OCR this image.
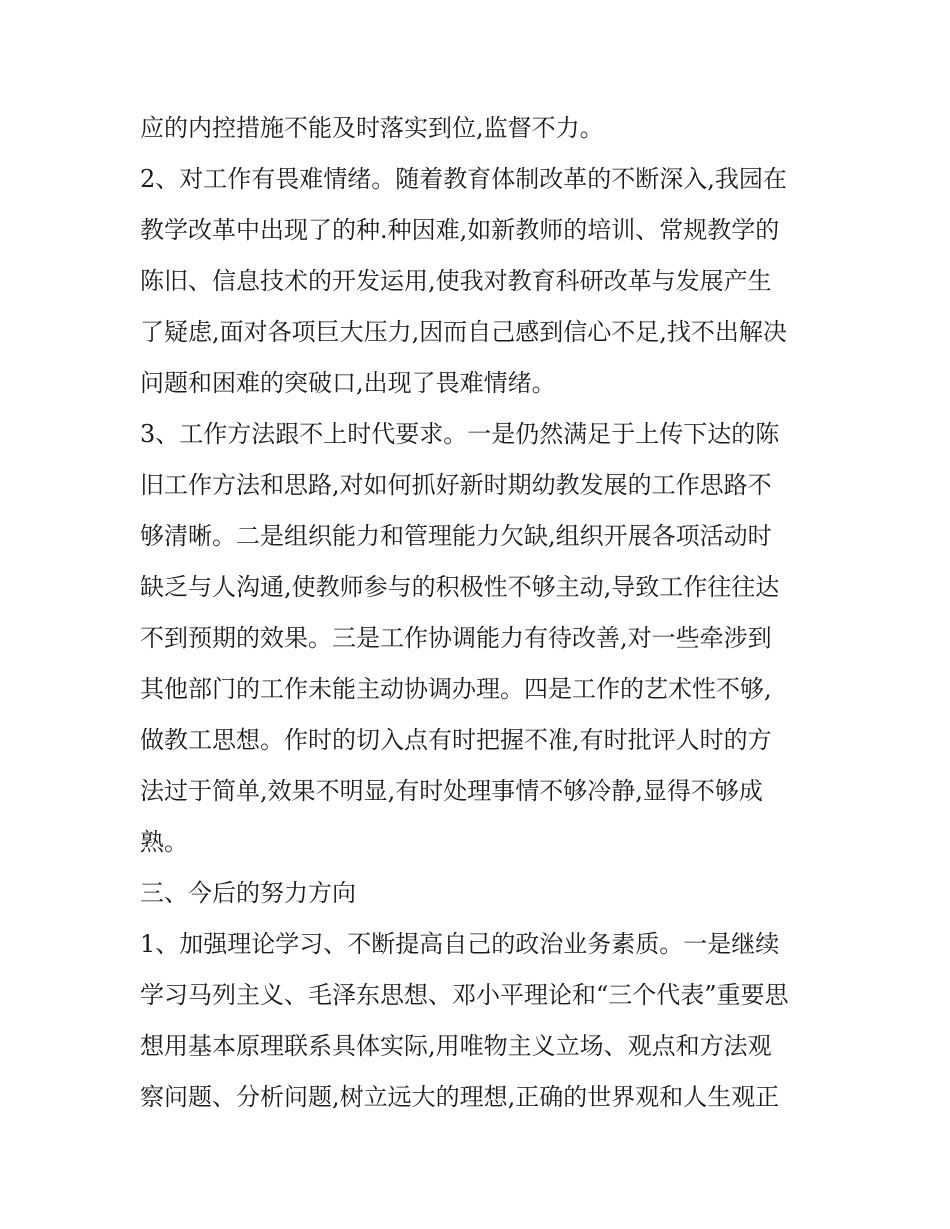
应的内控措施不能及时落实到位,监督不力。
2、对工作有畏难情绪。随着教育体制改革的不断深入,我园在
教学改革中出现了的种.种因难,如新教师的培训、常规教学的
陈旧、信息技术的开发运用,使我对教育科研改革与发展产生
了疑虑,面对各项巨大压力,因而自己感到信心不足,找不出解决
问题和困难的突破口,出现了畏难情绪。
3、工作方法跟不上时代要求。一是仍然满足于上传下达的陈
旧工作方法和思路,对如何抓好新时期幼教发展的工作思路不
够清晰。二是组织能力和管理能力欠缺,组织开展各项活动时
缺乏与人沟通,使教师参与的积极性不够主动,导致工作往往达
不到预期的效果。三是工作协调能力有待改善,对一些牵涉到
其他部门的工作未能主动协调办理。四是工作的艺术性不够,
做教工思想。作时的切入点有时把握不准,有时批评人时的方
法过于简单,效果不明显,有时处理事情不够冷静,显得不够成
熟。
三、今后的努力方向
1、加强理论学习、不断提高自己的政治业务素质。一是继续
学习马列主义、毛泽东思想、邓小平理论和“三个代表”重要思
想用基本原理联系具体实际,用唯物主义立场、观点和方法观
察问题、分析问题,树立远大的理想,正确的世界观和人生观正
